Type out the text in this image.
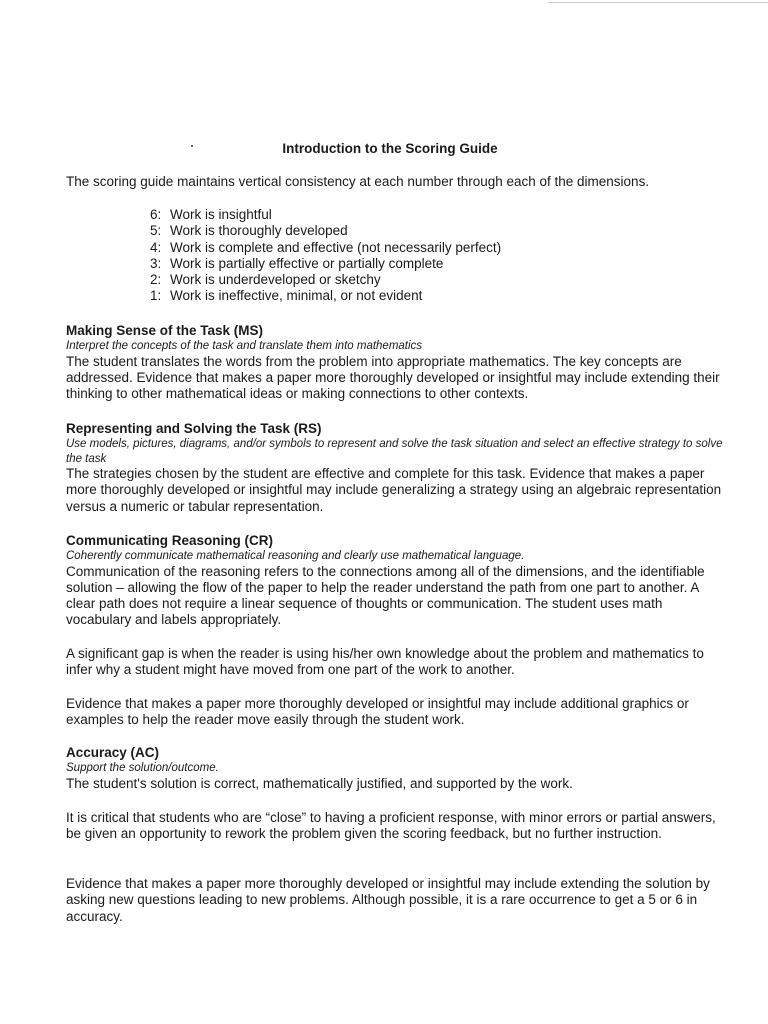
Introduction to the Scoring Guide
The scoring guide maintains vertical consistency at each number through each of the dimensions.
6: Work is insightful
5: Work is thoroughly developed
4: Work is complete and effective (not necessarily perfect)
3: Work is partially effective or partially complete
2: Work is underdeveloped or sketchy
1: Work is ineffective, minimal, or not evident
Making Sense of the Task (MS)
Interpret the concepts of the task and translate them into mathematics
The student translates the words from the problem into appropriate mathematics. The key concepts are addressed. Evidence that makes a paper more thoroughly developed or insightful may include extending their thinking to other mathematical ideas or making connections to other contexts.
Representing and Solving the Task (RS)
Use models, pictures, diagrams, and/or symbols to represent and solve the task situation and select an effective strategy to solve the task
The strategies chosen by the student are effective and complete for this task. Evidence that makes a paper more thoroughly developed or insightful may include generalizing a strategy using an algebraic representation versus a numeric or tabular representation.
Communicating Reasoning (CR)
Coherently communicate mathematical reasoning and clearly use mathematical language.
Communication of the reasoning refers to the connections among all of the dimensions, and the identifiable solution – allowing the flow of the paper to help the reader understand the path from one part to another. A clear path does not require a linear sequence of thoughts or communication. The student uses math vocabulary and labels appropriately.
A significant gap is when the reader is using his/her own knowledge about the problem and mathematics to infer why a student might have moved from one part of the work to another.
Evidence that makes a paper more thoroughly developed or insightful may include additional graphics or examples to help the reader move easily through the student work.
Accuracy (AC)
Support the solution/outcome.
The student's solution is correct, mathematically justified, and supported by the work.
It is critical that students who are “close” to having a proficient response, with minor errors or partial answers, be given an opportunity to rework the problem given the scoring feedback, but no further instruction.
Evidence that makes a paper more thoroughly developed or insightful may include extending the solution by asking new questions leading to new problems. Although possible, it is a rare occurrence to get a 5 or 6 in accuracy.
